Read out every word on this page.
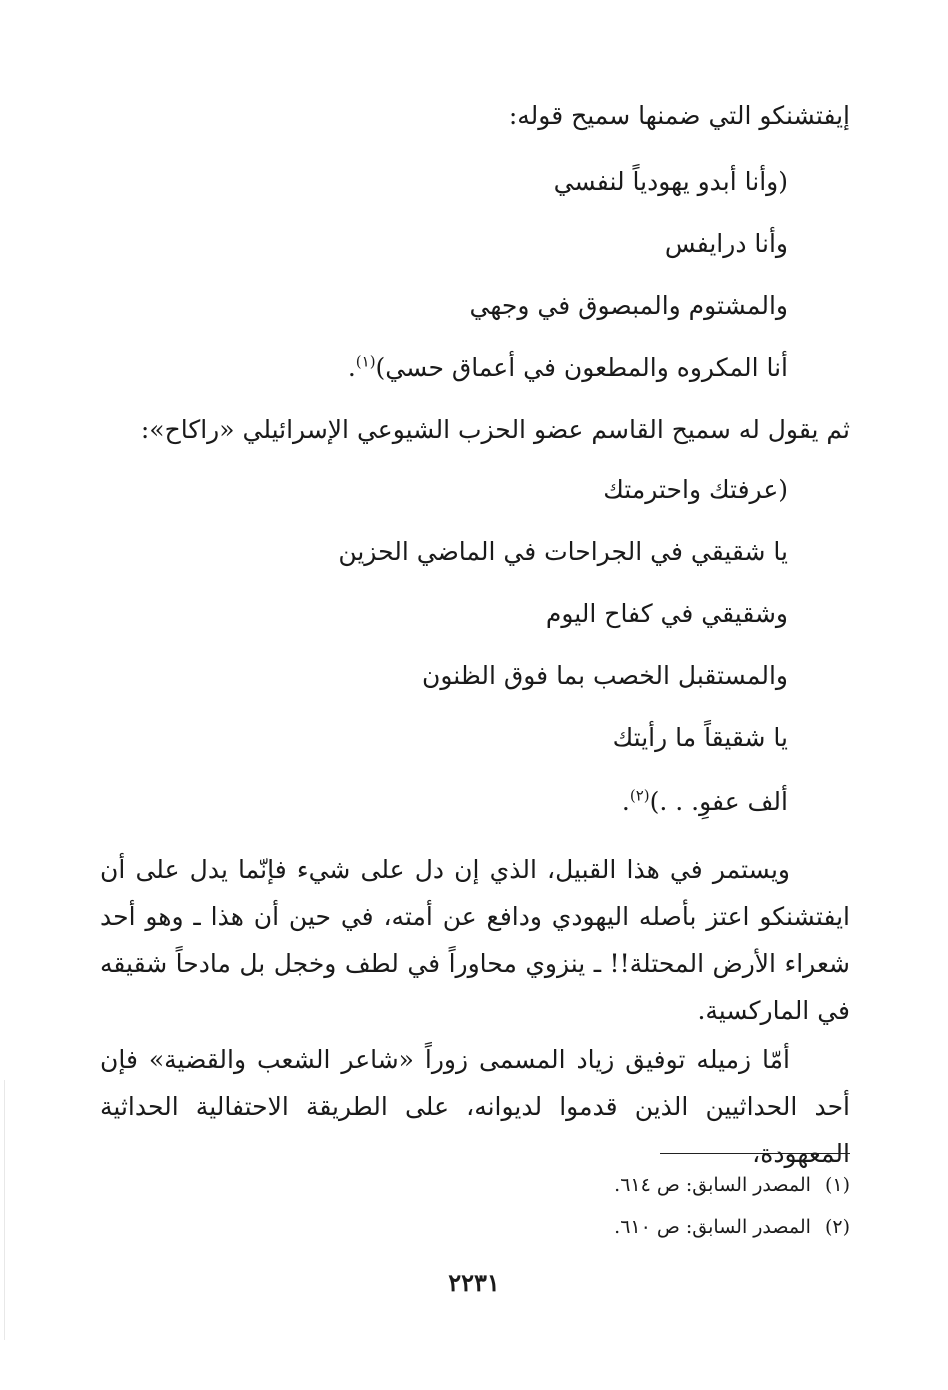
إيفتشنكو التي ضمنها سميح قوله:
(وأنا أبدو يهودياً لنفسي
وأنا درايفس
والمشتوم والمبصوق في وجهي
أنا المكروه والمطعون في أعماق حسي)$^{(١)}$.
ثم يقول له سميح القاسم عضو الحزب الشيوعي الإسرائيلي «راكاح»:
(عرفتك واحترمتك
يا شقيقي في الجراحات في الماضي الحزين
وشقيقي في كفاح اليوم
والمستقبل الخصب بما فوق الظنون
يا شقيقاً ما رأيتك
ألف عفوِ. . .)$^{(٢)}$.
ويستمر في هذا القبيل، الذي إن دل على شيء فإنّما يدل على أن ايفتشنكو اعتز بأصله اليهودي ودافع عن أمته، في حين أن هذا ـ وهو أحد شعراء الأرض المحتلة!! ـ ينزوي محاوراً في لطف وخجل بل مادحاً شقيقه في الماركسية.
أمّا زميله توفيق زياد المسمى زوراً «شاعر الشعب والقضية» فإن أحد الحداثيين الذين قدموا لديوانه، على الطريقة الاحتفالية الحداثية المعهودة،
(١)المصدر السابق: ص ٦١٤.
(٢)المصدر السابق: ص ٦١٠.
٢٢٣١
